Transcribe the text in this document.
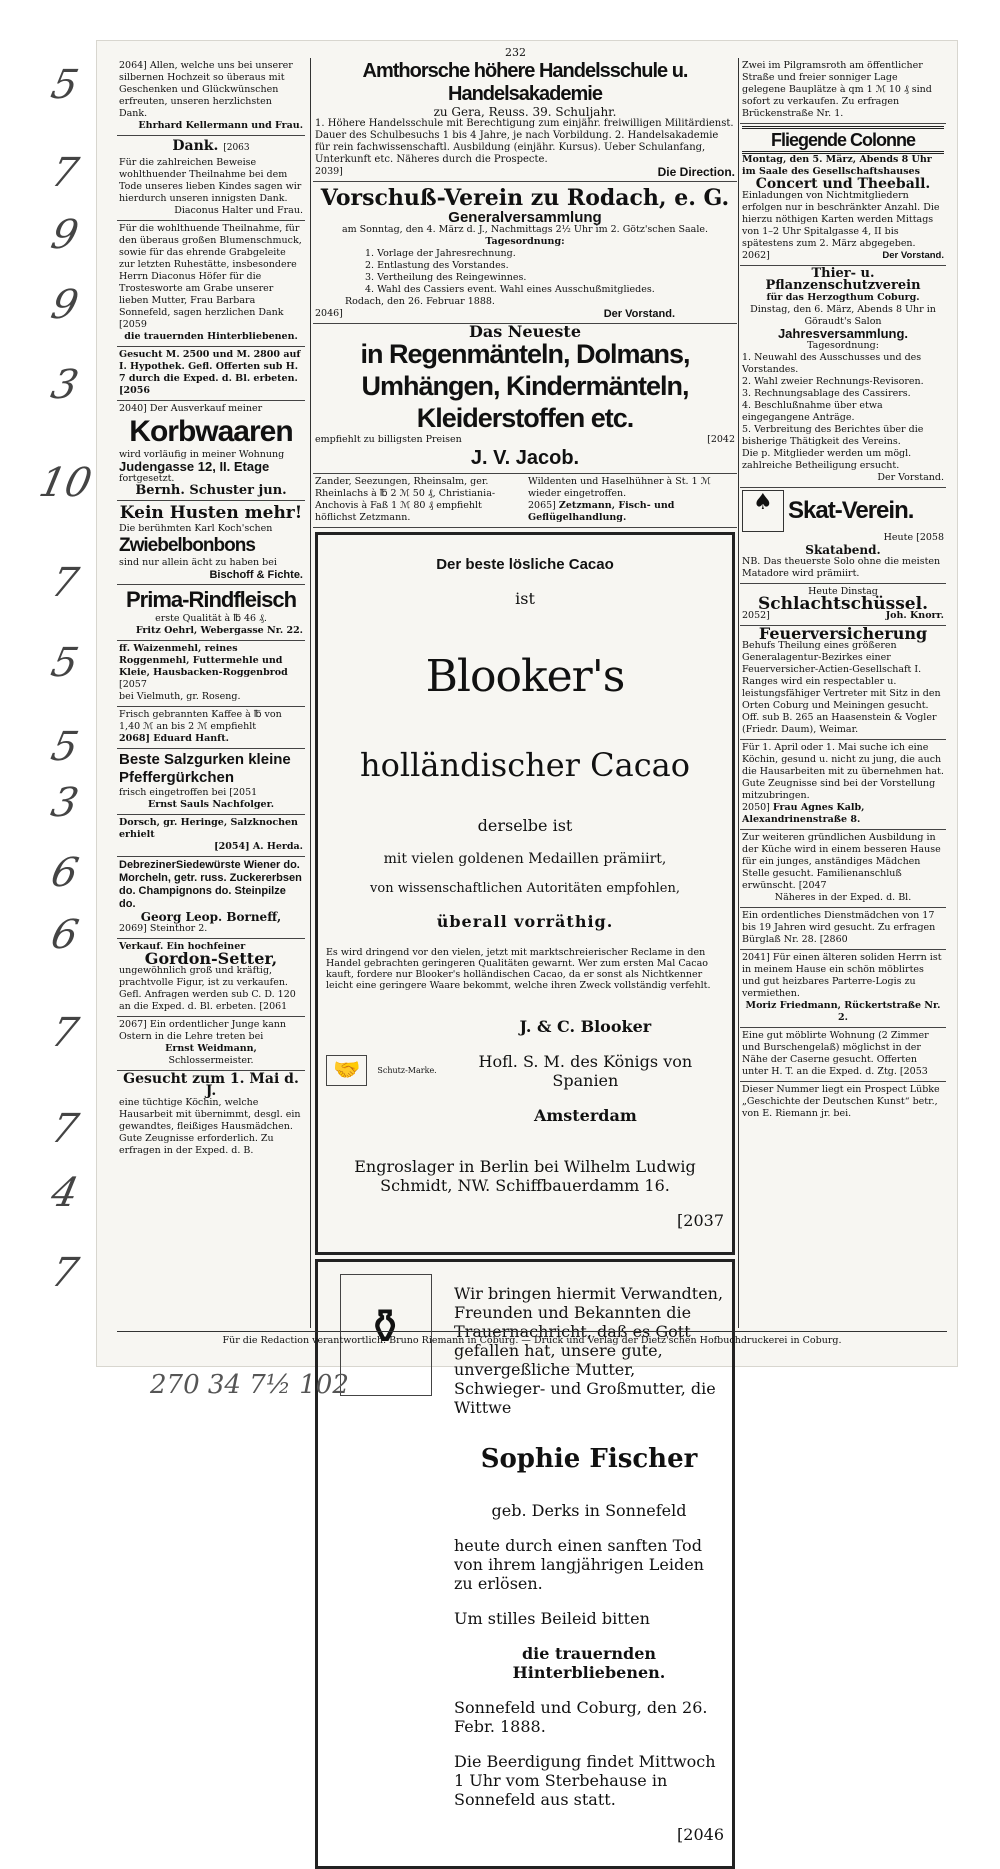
232
5
7
9
9
3
10
7
5
5
3
6
6
7
7
4
7

2064] Allen, welche uns bei unserer silbernen Hochzeit so überaus mit Geschenken und Glückwünschen erfreuten, unseren herzlichsten Dank.

Ehrhard Kellermann und Frau.

Dank. [2063

Für die zahlreichen Beweise wohlthuender Theilnahme bei dem Tode unseres lieben Kindes sagen wir hierdurch unseren innigsten Dank.

Diaconus Halter und Frau.

Für die wohlthuende Theilnahme, für den überaus großen Blumenschmuck, sowie für das ehrende Grabgeleite zur letzten Ruhestätte, insbesondere Herrn Diaconus Höfer für die Trostesworte am Grabe unserer lieben Mutter, Frau Barbara Sonnefeld, sagen herzlichen Dank [2059

die trauernden Hinterbliebenen.

Gesucht M. 2500 und M. 2800 auf I. Hypothek. Gefl. Offerten sub H. 7 durch die Exped. d. Bl. erbeten. [2056

2040] Der Ausverkauf meiner

Korbwaaren

wird vorläufig in meiner Wohnung

Judengasse 12, II. Etage

fortgesetzt.

Bernh. Schuster jun.

Kein Husten mehr!

Die berühmten Karl Koch'schen

Zwiebelbonbons

sind nur allein ächt zu haben bei

Bischoff & Fichte.

Prima-Rindfleisch

erste Qualität à ℔ 46 ₰.

Fritz Oehrl, Webergasse Nr. 22.

ff. Waizenmehl, reines Roggenmehl, Futtermehle und Kleie, Hausbacken-Roggenbrod [2057

bei Vielmuth, gr. Roseng.

Frisch gebrannten Kaffee à ℔ von 1,40 ℳ an bis 2 ℳ empfiehlt

2068] Eduard Hanft.

Beste Salzgurken kleine Pfeffergürkchen

frisch eingetroffen bei [2051

Ernst Sauls Nachfolger.

Dorsch, gr. Heringe, Salzknochen erhielt

[2054] A. Herda.

DebrezinerSiedewürste Wiener do. Morcheln, getr. russ. Zuckererbsen do. Champignons do. Steinpilze do.

Georg Leop. Borneff,

2069] Steinthor 2.

Verkauf. Ein hochfeiner

Gordon-Setter,

ungewöhnlich groß und kräftig, prachtvolle Figur, ist zu verkaufen. Gefl. Anfragen werden sub C. D. 120 an die Exped. d. Bl. erbeten. [2061

2067] Ein ordentlicher Junge kann Ostern in die Lehre treten bei

Ernst Weidmann,

Schlossermeister.

Gesucht zum 1. Mai d. J.

eine tüchtige Köchin, welche Hausarbeit mit übernimmt, desgl. ein gewandtes, fleißiges Hausmädchen. Gute Zeugnisse erforderlich. Zu erfragen in der Exped. d. B.

Amthorsche höhere Handelsschule u. Handelsakademie

zu Gera, Reuss. 39. Schuljahr.

1. Höhere Handelsschule mit Berechtigung zum einjähr. freiwilligen Militärdienst. Dauer des Schulbesuchs 1 bis 4 Jahre, je nach Vorbildung. 2. Handelsakademie für rein fachwissenschaftl. Ausbildung (einjähr. Kursus). Ueber Schulanfang, Unterkunft etc. Näheres durch die Prospecte.

2039]	Die Direction.

Vorschuß-Verein zu Rodach, e. G.

Generalversammlung

am Sonntag, den 4. März d. J., Nachmittags 2½ Uhr im 2. Götz'schen Saale.

Tagesordnung:

1. Vorlage der Jahresrechnung.

2. Entlastung des Vorstandes.

3. Vertheilung des Reingewinnes.

4. Wahl des Cassiers event. Wahl eines Ausschußmitgliedes.

Rodach, den 26. Februar 1888.

2046]	Der Vorstand.

Das Neueste

in Regenmänteln, Dolmans, Umhängen, Kindermänteln, Kleiderstoffen etc.

empfiehlt zu billigsten Preisen	[2042

J. V. Jacob.

Zander, Seezungen, Rheinsalm, ger. Rheinlachs à ℔ 2 ℳ 50 ₰, Christiania-Anchovis à Faß 1 ℳ 80 ₰ empfiehlt höflichst Zetzmann.

Wildenten und Haselhühner à St. 1 ℳ wieder eingetroffen.

2065] Zetzmann, Fisch- und Geflügelhandlung.

Der beste lösliche Cacao

ist

Blooker's

holländischer Cacao

derselbe ist

mit vielen goldenen Medaillen prämiirt,

von wissenschaftlichen Autoritäten empfohlen,

überall vorräthig.

Es wird dringend vor den vielen, jetzt mit marktschreierischer Reclame in den Handel gebrachten geringeren Qualitäten gewarnt. Wer zum ersten Mal Cacao kauft, fordere nur Blooker's holländischen Cacao, da er sonst als Nichtkenner leicht eine geringere Waare bekommt, welche ihren Zweck vollständig verfehlt.

🤝	Schutz-Marke.

J. & C. Blooker

Hofl. S. M. des Königs von Spanien

Amsterdam

Engroslager in Berlin bei Wilhelm Ludwig Schmidt, NW. Schiffbauerdamm 16.

[2037

⚱

Wir bringen hiermit Verwandten, Freunden und Bekannten die Trauernachricht, daß es Gott gefallen hat, unsere gute, unvergeßliche Mutter, Schwieger- und Großmutter, die Wittwe

Sophie Fischer

geb. Derks in Sonnefeld

heute durch einen sanften Tod von ihrem langjährigen Leiden zu erlösen.

Um stilles Beileid bitten

die trauernden Hinterbliebenen.

Sonnefeld und Coburg, den 26. Febr. 1888.

Die Beerdigung findet Mittwoch 1 Uhr vom Sterbehause in Sonnefeld aus statt.

[2046

Zwei im Pilgramsroth am öffentlicher Straße und freier sonniger Lage gelegene Bauplätze à qm 1 ℳ 10 ₰ sind sofort zu verkaufen. Zu erfragen Brückenstraße Nr. 1.

Fliegende Colonne

Montag, den 5. März, Abends 8 Uhr im Saale des Gesellschaftshauses

Concert und Theeball.

Einladungen von Nichtmitgliedern erfolgen nur in beschränkter Anzahl. Die hierzu nöthigen Karten werden Mittags von 1–2 Uhr Spitalgasse 4, II bis spätestens zum 2. März abgegeben.

2062]	Der Vorstand.

Thier- u. Pflanzenschutzverein

für das Herzogthum Coburg.

Dinstag, den 6. März, Abends 8 Uhr in Göraudt's Salon

Jahresversammlung.

Tagesordnung:

1. Neuwahl des Ausschusses und des Vorstandes.

2. Wahl zweier Rechnungs-Revisoren.

3. Rechnungsablage des Cassirers.

4. Beschlußnahme über etwa eingegangene Anträge.

5. Verbreitung des Berichtes über die bisherige Thätigkeit des Vereins.

Die p. Mitglieder werden um mögl. zahlreiche Betheiligung ersucht.

Der Vorstand.

♠
Skat-Verein.

Heute [2058

Skatabend.

NB. Das theuerste Solo ohne die meisten Matadore wird prämiirt.

Heute Dinstag

Schlachtschüssel.

2052]	Joh. Knorr.

Feuerversicherung

Behufs Theilung eines größeren Generalagentur-Bezirkes einer Feuerversicher-Actien-Gesellschaft I. Ranges wird ein respectabler u. leistungsfähiger Vertreter mit Sitz in den Orten Coburg und Meiningen gesucht. Off. sub B. 265 an Haasenstein & Vogler (Friedr. Daum), Weimar.

Für 1. April oder 1. Mai suche ich eine Köchin, gesund u. nicht zu jung, die auch die Hausarbeiten mit zu übernehmen hat. Gute Zeugnisse sind bei der Vorstellung mitzubringen.

2050] Frau Agnes Kalb, Alexandrinenstraße 8.

Zur weiteren gründlichen Ausbildung in der Küche wird in einem besseren Hause für ein junges, anständiges Mädchen Stelle gesucht. Familienanschluß erwünscht. [2047

Näheres in der Exped. d. Bl.

Ein ordentliches Dienstmädchen von 17 bis 19 Jahren wird gesucht. Zu erfragen Bürglaß Nr. 28. [2860

2041] Für einen älteren soliden Herrn ist in meinem Hause ein schön möblirtes und gut heizbares Parterre-Logis zu vermiethen.

Moriz Friedmann, Rückertstraße Nr. 2.

Eine gut möblirte Wohnung (2 Zimmer und Burschengelaß) möglichst in der Nähe der Caserne gesucht. Offerten unter H. T. an die Exped. d. Ztg. [2053

Dieser Nummer liegt ein Prospect Lübke „Geschichte der Deutschen Kunst“ betr., von E. Riemann jr. bei.

Für die Redaction verantwortlich: Bruno Riemann in Coburg. — Druck und Verlag der Dietz'schen Hofbuchdruckerei in Coburg.
270 34 7½ 102
